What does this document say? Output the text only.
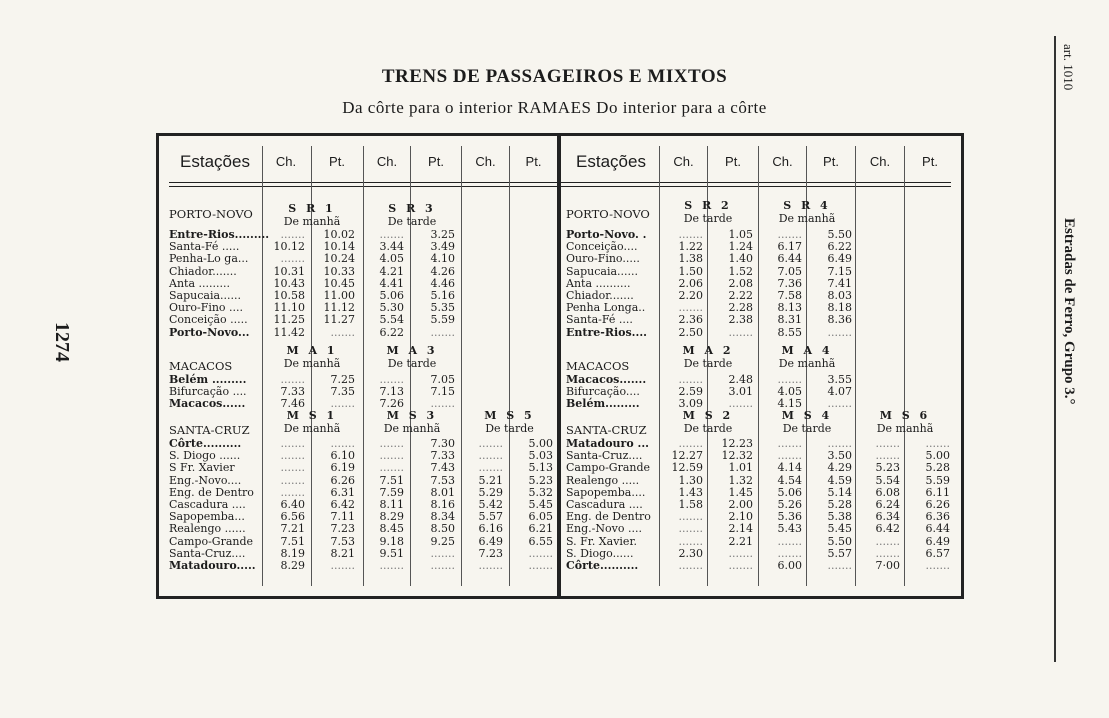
TRENS DE PASSAGEIROS E MIXTOS
Da côrte para o interior RAMAES Do interior para a côrte
1274
art. 1010
Estradas de Ferro, Grupo 3.°
Estações	Ch.	Pt.	Ch.	Pt.	Ch.	Pt.	Estações	Ch.	Pt.	Ch.	Pt.	Ch.	Pt.
S R 1
De manhã
S R 3
De tarde
PORTO-NOVO
Entre-Rios.........	.......	10.02	.......	3.25
Santa-Fé .....	10.12	10.14	3.44	3.49
Penha-Lo ga...	.......	10.24	4.05	4.10
Chiador.......	10.31	10.33	4.21	4.26
Anta .........	10.43	10.45	4.41	4.46
Sapucaia......	10.58	11.00	5.06	5.16
Ouro-Fino ....	11.10	11.12	5.30	5.35
Conceição .....	11.25	11.27	5.54	5.59
Porto-Novo...	11.42	.......	6.22	.......
M A 1
De manhã
M A 3
De tarde
MACACOS
Belém .........	.......	7.25	.......	7.05
Bifurcação ....	7.33	7.35	7.13	7.15
Macacos......	7.46	.......	7.26	.......
M S 1
De manhã
M S 3
De manhã
M S 5
De tarde
SANTA-CRUZ
Côrte..........	.......	.......	.......	7.30	.......	5.00
S. Diogo ......	.......	6.10	.......	7.33	.......	5.03
S Fr. Xavier	.......	6.19	.......	7.43	.......	5.13
Eng.-Novo....	.......	6.26	7.51	7.53	5.21	5.23
Eng. de Dentro	.......	6.31	7.59	8.01	5.29	5.32
Cascadura ....	6.40	6.42	8.11	8.16	5.42	5.45
Sapopemba...	6.56	7.11	8.29	8.34	5.57	6.05
Realengo ......	7.21	7.23	8.45	8.50	6.16	6.21
Campo-Grande	7.51	7.53	9.18	9.25	6.49	6.55
Santa-Cruz....	8.19	8.21	9.51	.......	7.23	.......
Matadouro.....	8.29	.......	.......	.......	.......	.......
S R 2
De tarde
S R 4
De manhã
PORTO-NOVO
Porto-Novo. .	.......	1.05	.......	5.50
Conceição....	1.22	1.24	6.17	6.22
Ouro-Fino.....	1.38	1.40	6.44	6.49
Sapucaia......	1.50	1.52	7.05	7.15
Anta ..........	2.06	2.08	7.36	7.41
Chiador.......	2.20	2.22	7.58	8.03
Penha Longa..	.......	2.28	8.13	8.18
Santa-Fé ....	2.36	2.38	8.31	8.36
Entre-Rios....	2.50	.......	8.55	.......
M A 2
De tarde
M A 4
De manhã
MACACOS
Macacos.......	.......	2.48	.......	3.55
Bifurcação....	2.59	3.01	4.05	4.07
Belém.........	3.09	.......	4.15	.......
M S 2
De tarde
M S 4
De tarde
M S 6
De manhã
SANTA-CRUZ
Matadouro ...	.......	12.23	.......	.......	.......	.......
Santa-Cruz....	12.27	12.32	.......	3.50	.......	5.00
Campo-Grande	12.59	1.01	4.14	4.29	5.23	5.28
Realengo .....	1.30	1.32	4.54	4.59	5.54	5.59
Sapopemba....	1.43	1.45	5.06	5.14	6.08	6.11
Cascadura ....	1.58	2.00	5.26	5.28	6.24	6.26
Eng. de Dentro	.......	2.10	5.36	5.38	6.34	6.36
Eng.-Novo ....	.......	2.14	5.43	5.45	6.42	6.44
S. Fr. Xavier.	.......	2.21	.......	5.50	.......	6.49
S. Diogo......	2.30	.......	.......	5.57	.......	6.57
Côrte..........	.......	.......	6.00	.......	7·00	.......
